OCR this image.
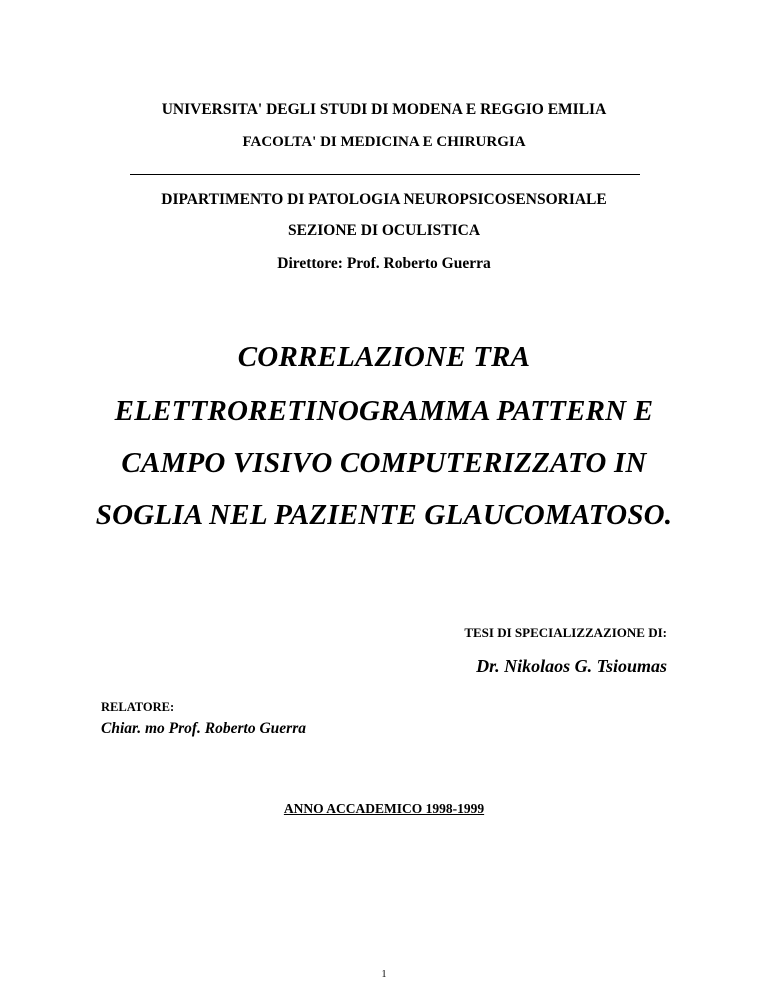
UNIVERSITA' DEGLI STUDI DI MODENA E REGGIO EMILIA

FACOLTA' DI MEDICINA E CHIRURGIA

DIPARTIMENTO DI PATOLOGIA NEUROPSICOSENSORIALE

SEZIONE DI OCULISTICA

Direttore: Prof. Roberto Guerra

CORRELAZIONE TRA

ELETTRORETINOGRAMMA PATTERN E

CAMPO VISIVO COMPUTERIZZATO IN

SOGLIA NEL PAZIENTE GLAUCOMATOSO.

TESI DI SPECIALIZZAZIONE DI:

Dr. Nikolaos G. Tsioumas

RELATORE:

Chiar. mo Prof. Roberto Guerra

ANNO ACCADEMICO 1998-1999

1
